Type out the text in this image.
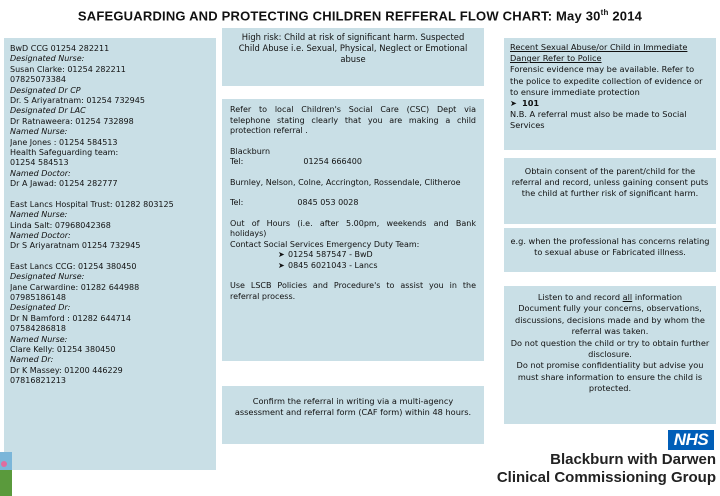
SAFEGUARDING AND PROTECTING CHILDREN REFFERAL FLOW CHART: May 30th 2014
BwD CCG 01254 282211
Designated Nurse:
Susan Clarke: 01254 282211
07825073384
Designated Dr CP
Dr. S Ariyaratnam: 01254 732945
Designated Dr LAC
Dr Ratnaweera: 01254 732898
Named Nurse:
Jane Jones : 01254 584513
Health Safeguarding team:
01254 584513
Named Doctor:
Dr A Jawad: 01254 282777
East Lancs Hospital Trust: 01282 803125
Named Nurse:
Linda Salt: 07968042368
Named Doctor:
Dr S Ariyaratnam 01254 732945
East Lancs CCG: 01254 380450
Designated Nurse:
Jane Carwardine: 01282 644988
07985186148
Designated Dr:
Dr N Bamford : 01282 644714
07584286818
Named Nurse:
Clare Kelly: 01254 380450
Named Dr:
Dr K Massey: 01200 446229
07816821213
High risk: Child at risk of significant harm. Suspected Child Abuse i.e. Sexual, Physical, Neglect or Emotional abuse

Refer to local Children's Social Care (CSC) Dept via telephone stating clearly that you are making a child protection referral .

Blackburn

Tel:	01254 666400

Burnley, Nelson, Colne, Accrington, Rossendale, Clitheroe

Tel:	0845 053 0028

Out of Hours (i.e. after 5.00pm, weekends and Bank holidays)

Contact Social Services Emergency Duty Team:

➤ 01254 587547 - BwD

➤ 0845 6021043 - Lancs

Use LSCB Policies and Procedure's to assist you in the referral process.

Confirm the referral in writing via a multi-agency assessment and referral form (CAF form) within 48 hours.
Recent Sexual Abuse/or Child in Immediate Danger Refer to Police
Forensic evidence may be available. Refer to the police to expedite collection of evidence or to ensure immediate protection
➤ 101
N.B. A referral must also be made to Social Services
Obtain consent of the parent/child for the referral and record, unless gaining consent puts the child at further risk of significant harm.
e.g. when the professional has concerns relating to sexual abuse or Fabricated illness.
Listen to and record all information
Document fully your concerns, observations, discussions, decisions made and by whom the referral was taken.
Do not question the child or try to obtain further disclosure.
Do not promise confidentiality but advise you must share information to ensure the child is protected.
NHS
Blackburn with Darwen
Clinical Commissioning Group
